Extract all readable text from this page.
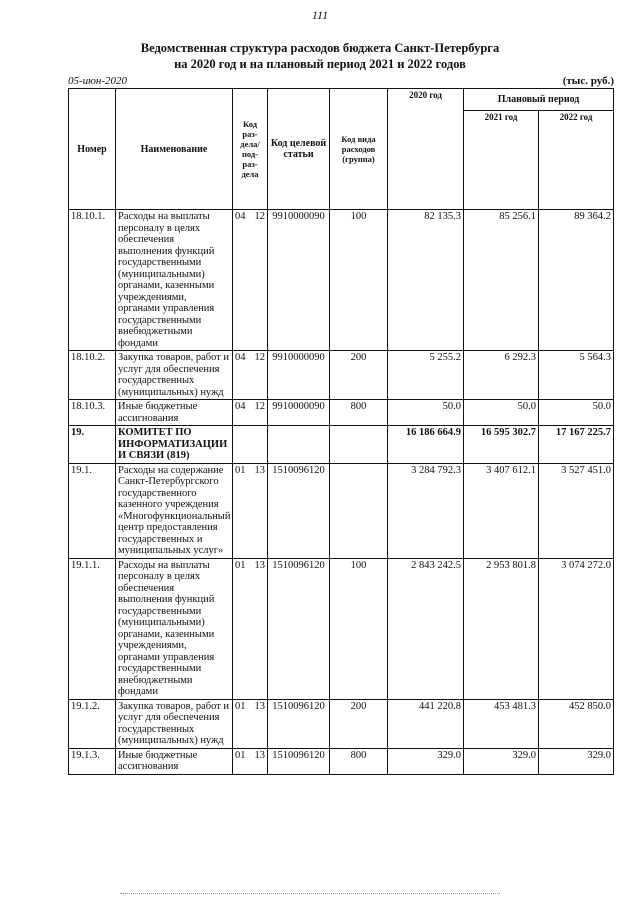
111
Ведомственная структура расходов бюджета Санкт-Петербурга
на 2020 год и на плановый период 2021 и 2022 годов
05-июн-2020	(тыс. руб.)
Номер	Наименование	Код раз-дела/ под-раз-дела		Код целевой статьи	Код вида расходов (группа)	2020 год	Плановый период	
							2021 год	2022 год
18.10.1.	Расходы на выплаты персоналу в целях обеспечения выполнения функций государственными (муниципальными) органами, казенными учреждениями, органами управления государственными внебюджетными фондами	04	12	9910000090	100	82 135.3	85 256.1	89 364.2
18.10.2.	Закупка товаров, работ и услуг для обеспечения государственных (муниципальных) нужд	04	12	9910000090	200	5 255.2	6 292.3	5 564.3
18.10.3.	Иные бюджетные ассигнования	04	12	9910000090	800	50.0	50.0	50.0
19.	КОМИТЕТ ПО ИНФОРМАТИЗАЦИИ И СВЯЗИ (819)					16 186 664.9	16 595 302.7	17 167 225.7
19.1.	Расходы на содержание Санкт-Петербургского государственного казенного учреждения «Многофункциональный центр предоставления государственных и муниципальных услуг»	01	13	1510096120		3 284 792.3	3 407 612.1	3 527 451.0
19.1.1.	Расходы на выплаты персоналу в целях обеспечения выполнения функций государственными (муниципальными) органами, казенными учреждениями, органами управления государственными внебюджетными фондами	01	13	1510096120	100	2 843 242.5	2 953 801.8	3 074 272.0
19.1.2.	Закупка товаров, работ и услуг для обеспечения государственных (муниципальных) нужд	01	13	1510096120	200	441 220.8	453 481.3	452 850.0
19.1.3.	Иные бюджетные ассигнования	01	13	1510096120	800	329.0	329.0	329.0
